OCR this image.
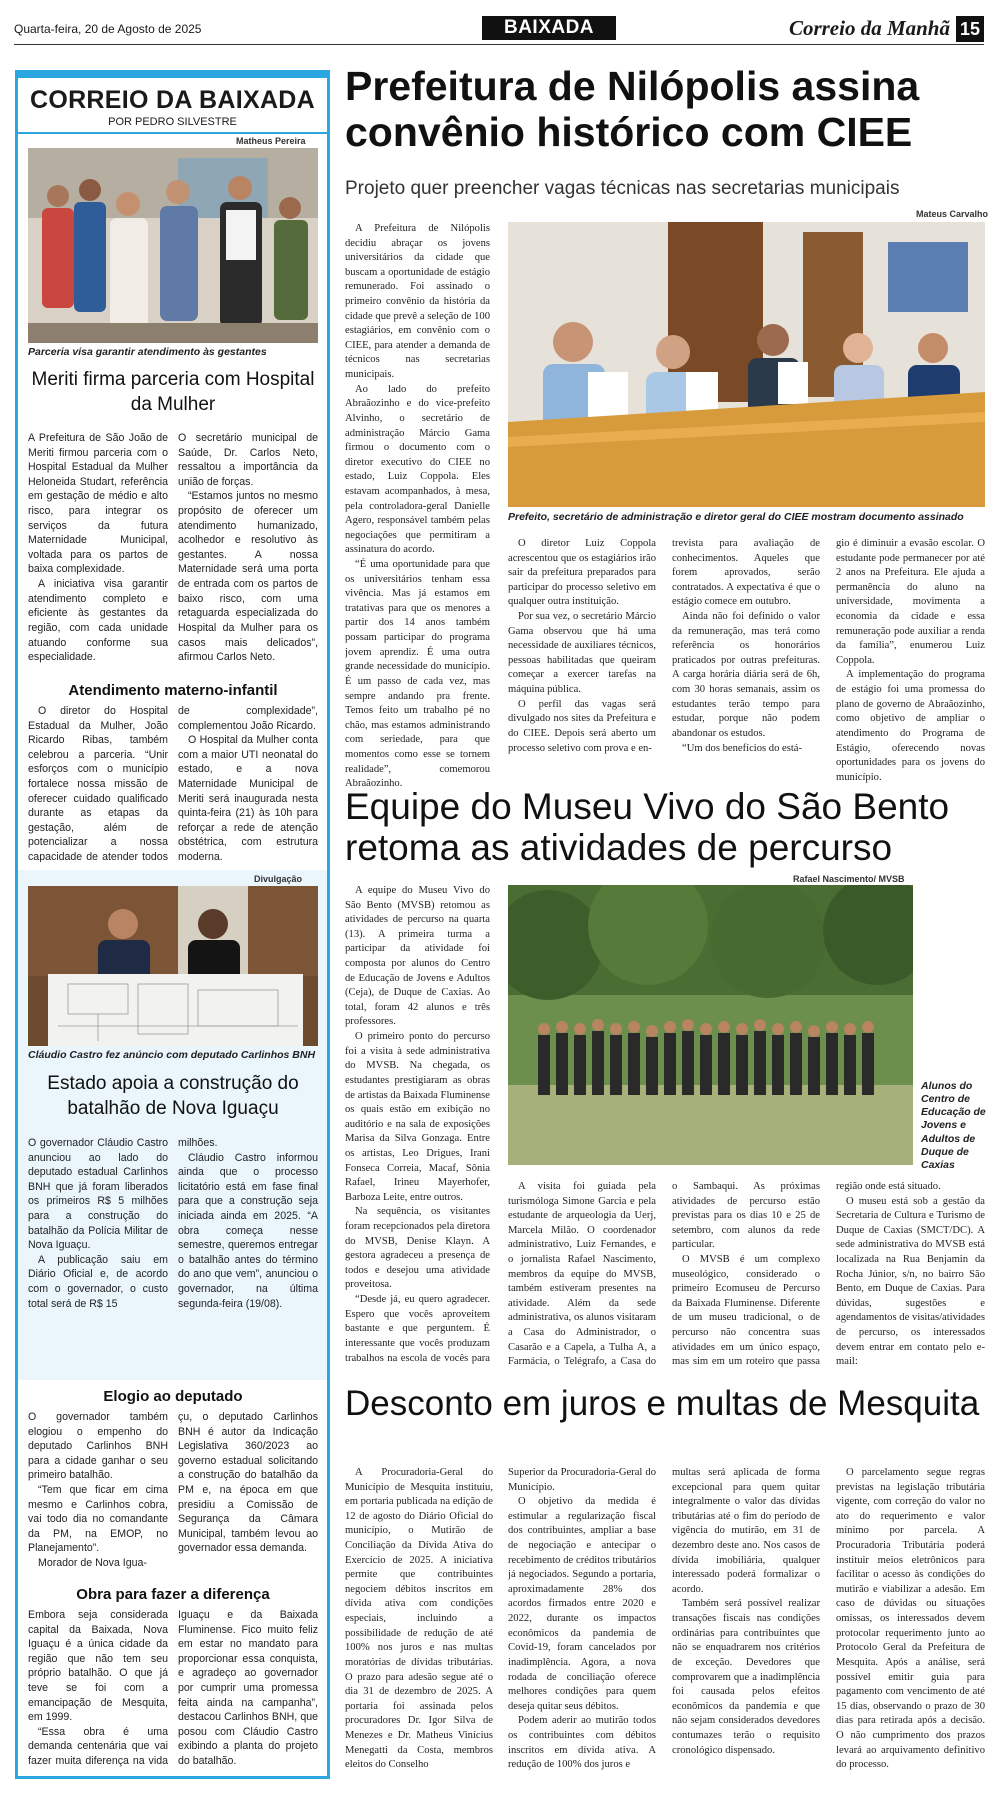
Quarta-feira, 20 de Agosto de 2025	BAIXADA	Correio da Manhã 15
CORREIO DA BAIXADA
POR PEDRO SILVESTRE
Matheus Pereira
Parceria visa garantir atendimento às gestantes
Meriti firma parceria com Hospital da Mulher

A Prefeitura de São João de Meriti firmou parceria com o Hospital Estadual da Mulher Heloneida Studart, referência em gestação de médio e alto risco, para integrar os serviços da futura Maternidade Municipal, voltada para os partos de baixa complexidade.

A iniciativa visa garantir atendimento completo e eficiente às gestantes da região, com cada unidade atuando conforme sua especialidade.

O secretário municipal de Saúde, Dr. Carlos Neto, ressaltou a importância da união de forças.

“Estamos juntos no mesmo propósito de oferecer um atendimento humanizado, acolhedor e resolutivo às gestantes. A nossa Maternidade será uma porta de entrada com os partos de baixo risco, com uma retaguarda especializada do Hospital da Mulher para os casos mais delicados”, afirmou Carlos Neto.

Atendimento materno-infantil

O diretor do Hospital Estadual da Mulher, João Ricardo Ribas, também celebrou a parceria. “Unir esforços com o município fortalece nossa missão de oferecer cuidado qualificado durante as etapas da gestação, além de potencializar a nossa capacidade de atender todos

de complexidade”, complementou João Ricardo.

O Hospital da Mulher conta com a maior UTI neonatal do estado, e a nova Maternidade Municipal de Meriti será inaugurada nesta quinta-feira (21) às 10h para reforçar a rede de atenção obstétrica, com estrutura moderna.

Divulgação
Cláudio Castro fez anúncio com deputado Carlinhos BNH
Estado apoia a construção do batalhão de Nova Iguaçu

O governador Cláudio Castro anunciou ao lado do deputado estadual Carlinhos BNH que já foram liberados os primeiros R$ 5 milhões para a construção do batalhão da Polícia Militar de Nova Iguaçu.

A publicação saiu em Diário Oficial e, de acordo com o governador, o custo total será de R$ 15

milhões.

Cláudio Castro informou ainda que o processo licitatório está em fase final para que a construção seja iniciada ainda em 2025. “A obra começa nesse semestre, queremos entregar o batalhão antes do término do ano que vem”, anunciou o governador, na última segunda-feira (19/08).

Elogio ao deputado

O governador também elogiou o empenho do deputado Carlinhos BNH para a cidade ganhar o seu primeiro batalhão.

“Tem que ficar em cima mesmo e Carlinhos cobra, vai todo dia no comandante da PM, na EMOP, no Planejamento”.

Morador de Nova Igua-

çu, o deputado Carlinhos BNH é autor da Indicação Legislativa 360/2023 ao governo estadual solicitando a construção do batalhão da PM e, na época em que presidiu a Comissão de Segurança da Câmara Municipal, também levou ao governador essa demanda.

Obra para fazer a diferença

Embora seja considerada capital da Baixada, Nova Iguaçu é a única cidade da região que não tem seu próprio batalhão. O que já teve se foi com a emancipação de Mesquita, em 1999.

“Essa obra é uma demanda centenária que vai fazer muita diferença na vida

Iguaçu e da Baixada Fluminense. Fico muito feliz em estar no mandato para proporcionar essa conquista, e agradeço ao governador por cumprir uma promessa feita ainda na campanha”, destacou Carlinhos BNH, que posou com Cláudio Castro exibindo a planta do projeto do batalhão.

Prefeitura de Nilópolis assina convênio histórico com CIEE
Projeto quer preencher vagas técnicas nas secretarias municipais
Mateus Carvalho

A Prefeitura de Nilópolis decidiu abraçar os jovens universitários da cidade que buscam a oportunidade de estágio remunerado. Foi assinado o primeiro convênio da história da cidade que prevê a seleção de 100 estagiários, em convênio com o CIEE, para atender a demanda de técnicos nas secretarias municipais.

Ao lado do prefeito Abraãozinho e do vice-prefeito Alvinho, o secretário de administração Márcio Gama firmou o documento com o diretor executivo do CIEE no estado, Luiz Coppola. Eles estavam acompanhados, à mesa, pela controladora-geral Danielle Agero, responsável também pelas negociações que permitiram a assinatura do acordo.

“É uma oportunidade para que os universitários tenham essa vivência. Mas já estamos em tratativas para que os menores a partir dos 14 anos também possam participar do programa jovem aprendiz. É uma outra grande necessidade do município. É um passo de cada vez, mas sempre andando pra frente. Temos feito um trabalho pé no chão, mas estamos administrando com seriedade, para que momentos como esse se tornem realidade”, comemorou Abraãozinho.

Prefeito, secretário de administração e diretor geral do CIEE mostram documento assinado

O diretor Luiz Coppola acrescentou que os estagiários irão sair da prefeitura preparados para participar do processo seletivo em qualquer outra instituição.

Por sua vez, o secretário Márcio Gama observou que há uma necessidade de auxiliares técnicos, pessoas habilitadas que queiram começar a exercer tarefas na máquina pública.

O perfil das vagas será divulgado nos sites da Prefeitura e do CIEE. Depois será aberto um processo seletivo com prova e en-

trevista para avaliação de conhecimentos. Aqueles que forem aprovados, serão contratados. A expectativa é que o estágio comece em outubro.

Ainda não foi definido o valor da remuneração, mas terá como referência os honorários praticados por outras prefeituras. A carga horária diária será de 6h, com 30 horas semanais, assim os estudantes terão tempo para estudar, porque não podem abandonar os estudos.

“Um dos benefícios do está-

gio é diminuir a evasão escolar. O estudante pode permanecer por até 2 anos na Prefeitura. Ele ajuda a permanência do aluno na universidade, movimenta a economia da cidade e essa remuneração pode auxiliar a renda da família”, enumerou Luiz Coppola.

A implementação do programa de estágio foi uma promessa do plano de governo de Abraãozinho, como objetivo de ampliar o atendimento do Programa de Estágio, oferecendo novas oportunidades para os jovens do município.

Equipe do Museu Vivo do São Bento retoma as atividades de percurso
Rafael Nascimento/ MVSB

A equipe do Museu Vivo do São Bento (MVSB) retomou as atividades de percurso na quarta (13). A primeira turma a participar da atividade foi composta por alunos do Centro de Educação de Jovens e Adultos (Ceja), de Duque de Caxias. Ao total, foram 42 alunos e três professores.

O primeiro ponto do percurso foi a visita à sede administrativa do MVSB. Na chegada, os estudantes prestigiaram as obras de artistas da Baixada Fluminense os quais estão em exibição no auditório e na sala de exposições Marisa da Silva Gonzaga. Entre os artistas, Leo Drigues, Irani Fonseca Correia, Macaf, Sônia Rafael, Irineu Mayerhofer, Barboza Leite, entre outros.

Na sequência, os visitantes foram recepcionados pela diretora do MVSB, Denise Klayn. A gestora agradeceu a presença de todos e desejou uma atividade proveitosa.

“Desde já, eu quero agradecer. Espero que vocês aproveitem bastante e que perguntem. É interessante que vocês produzam trabalhos na escola de vocês para

Alunos do Centro de Educação de Jovens e Adultos de Duque de Caxias

A visita foi guiada pela turismóloga Simone Garcia e pela estudante de arqueologia da Uerj, Marcela Milão. O coordenador administrativo, Luiz Fernandes, e o jornalista Rafael Nascimento, membros da equipe do MVSB, também estiveram presentes na atividade. Além da sede administrativa, os alunos visitaram a Casa do Administrador, o Casarão e a Capela, a Tulha A, a Farmácia, o Telégrafo, a Casa do

o Sambaqui. As próximas atividades de percurso estão previstas para os dias 10 e 25 de setembro, com alunos da rede particular.

O MVSB é um complexo museológico, considerado o primeiro Ecomuseu de Percurso da Baixada Fluminense. Diferente de um museu tradicional, o de percurso não concentra suas atividades em um único espaço, mas sim em um roteiro que passa

região onde está situado.

O museu está sob a gestão da Secretaria de Cultura e Turismo de Duque de Caxias (SMCT/DC). A sede administrativa do MVSB está localizada na Rua Benjamin da Rocha Júnior, s/n, no bairro São Bento, em Duque de Caxias. Para dúvidas, sugestões e agendamentos de visitas/atividades de percurso, os interessados devem entrar em contato pelo e-mail:

Desconto em juros e multas de Mesquita

A Procuradoria-Geral do Município de Mesquita instituiu, em portaria publicada na edição de 12 de agosto do Diário Oficial do município, o Mutirão de Conciliação da Dívida Ativa do Exercício de 2025. A iniciativa permite que contribuintes negociem débitos inscritos em dívida ativa com condições especiais, incluindo a possibilidade de redução de até 100% nos juros e nas multas moratórias de dívidas tributárias. O prazo para adesão segue até o dia 31 de dezembro de 2025. A portaria foi assinada pelos procuradores Dr. Igor Silva de Menezes e Dr. Matheus Vinícius Menegatti da Costa, membros eleitos do Conselho

Superior da Procuradoria-Geral do Município.

O objetivo da medida é estimular a regularização fiscal dos contribuintes, ampliar a base de negociação e antecipar o recebimento de créditos tributários já negociados. Segundo a portaria, aproximadamente 28% dos acordos firmados entre 2020 e 2022, durante os impactos econômicos da pandemia de Covid-19, foram cancelados por inadimplência. Agora, a nova rodada de conciliação oferece melhores condições para quem deseja quitar seus débitos.

Podem aderir ao mutirão todos os contribuintes com débitos inscritos em dívida ativa. A redução de 100% dos juros e

multas será aplicada de forma excepcional para quem quitar integralmente o valor das dívidas tributárias até o fim do período de vigência do mutirão, em 31 de dezembro deste ano. Nos casos de dívida imobiliária, qualquer interessado poderá formalizar o acordo.

Também será possível realizar transações fiscais nas condições ordinárias para contribuintes que não se enquadrarem nos critérios de exceção. Devedores que comprovarem que a inadimplência foi causada pelos efeitos econômicos da pandemia e que não sejam considerados devedores contumazes terão o requisito cronológico dispensado.

O parcelamento segue regras previstas na legislação tributária vigente, com correção do valor no ato do requerimento e valor mínimo por parcela. A Procuradoria Tributária poderá instituir meios eletrônicos para facilitar o acesso às condições do mutirão e viabilizar a adesão. Em caso de dúvidas ou situações omissas, os interessados devem protocolar requerimento junto ao Protocolo Geral da Prefeitura de Mesquita. Após a análise, será possível emitir guia para pagamento com vencimento de até 15 dias, observando o prazo de 30 dias para retirada após a decisão. O não cumprimento dos prazos levará ao arquivamento definitivo do processo.
